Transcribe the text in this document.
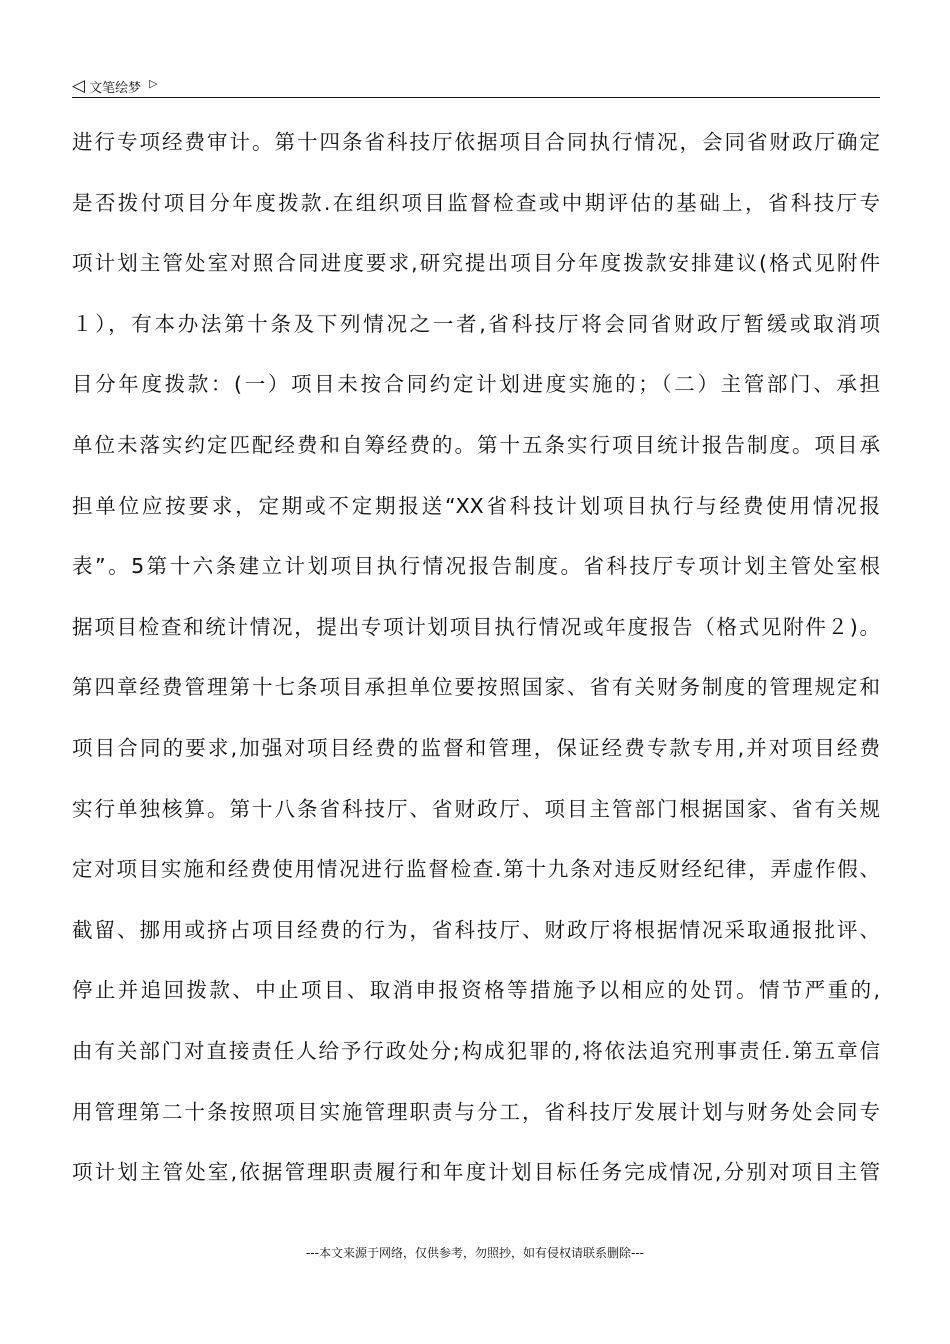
◁ 文笔绘梦 ▷
进行专项经费审计。第十四条省科技厅依据项目合同执行情况，会同省财政厅确定
是否拨付项目分年度拨款.在组织项目监督检查或中期评估的基础上，省科技厅专
项计划主管处室对照合同进度要求,研究提出项目分年度拨款安排建议(格式见附件
１），有本办法第十条及下列情况之一者,省科技厅将会同省财政厅暂缓或取消项
目分年度拨款：(一）项目未按合同约定计划进度实施的；（二）主管部门、承担
单位未落实约定匹配经费和自筹经费的。第十五条实行项目统计报告制度。项目承
担单位应按要求，定期或不定期报送“XX省科技计划项目执行与经费使用情况报
表”。5第十六条建立计划项目执行情况报告制度。省科技厅专项计划主管处室根
据项目检查和统计情况，提出专项计划项目执行情况或年度报告（格式见附件２)。
第四章经费管理第十七条项目承担单位要按照国家、省有关财务制度的管理规定和
项目合同的要求,加强对项目经费的监督和管理，保证经费专款专用,并对项目经费
实行单独核算。第十八条省科技厅、省财政厅、项目主管部门根据国家、省有关规
定对项目实施和经费使用情况进行监督检查.第十九条对违反财经纪律，弄虚作假、
截留、挪用或挤占项目经费的行为，省科技厅、财政厅将根据情况采取通报批评、
停止并追回拨款、中止项目、取消申报资格等措施予以相应的处罚。情节严重的,
由有关部门对直接责任人给予行政处分;构成犯罪的,将依法追究刑事责任.第五章信
用管理第二十条按照项目实施管理职责与分工，省科技厅发展计划与财务处会同专
项计划主管处室,依据管理职责履行和年度计划目标任务完成情况,分别对项目主管
---本文来源于网络，仅供参考，勿照抄，如有侵权请联系删除---
